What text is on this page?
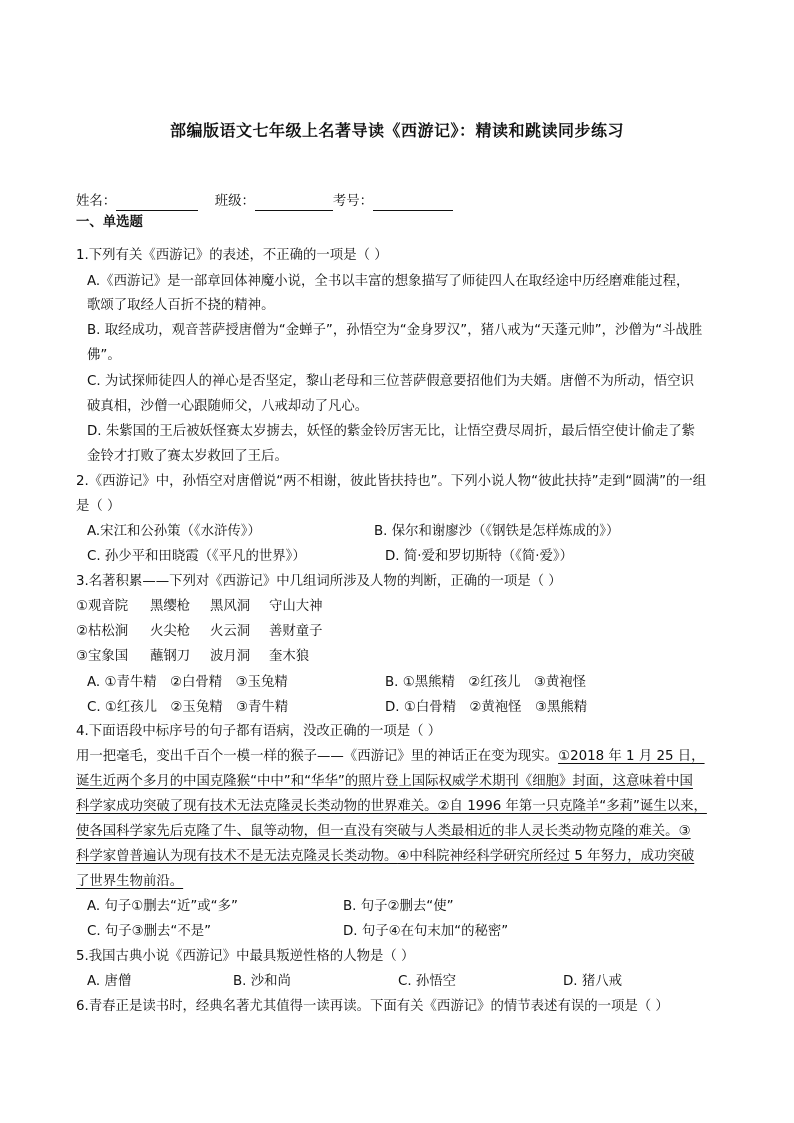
部编版语文七年级上名著导读《西游记》：精读和跳读同步练习
姓名：	班级：	考号：
一、单选题
1.下列有关《西游记》的表述，不正确的一项是（ ）
A.《西游记》是一部章回体神魔小说，全书以丰富的想象描写了师徒四人在取经途中历经磨难能过程，
歌颂了取经人百折不挠的精神。
B. 取经成功，观音菩萨授唐僧为“金蝉子”，孙悟空为“金身罗汉”，猪八戒为“天蓬元帅”，沙僧为“斗战胜
佛”。
C. 为试探师徒四人的禅心是否坚定，黎山老母和三位菩萨假意要招他们为夫婿。唐僧不为所动，悟空识
破真相，沙僧一心跟随师父，八戒却动了凡心。
D. 朱紫国的王后被妖怪赛太岁掳去，妖怪的紫金铃厉害无比，让悟空费尽周折，最后悟空使计偷走了紫
金铃才打败了赛太岁救回了王后。
2.《西游记》中，孙悟空对唐僧说“两不相谢，彼此皆扶持也”。下列小说人物“彼此扶持”走到“圆满”的一组
是（ ）
A.宋江和公孙策（《水浒传》）	B. 保尔和谢廖沙（《钢铁是怎样炼成的》）
C. 孙少平和田晓霞（《平凡的世界》）	D. 简·爱和罗切斯特（《简·爱》）
3.名著积累——下列对《西游记》中几组词所涉及人物的判断，正确的一项是（ ）
①观音院 黑缨枪 黑风洞 守山大神
②枯松涧 火尖枪 火云洞 善财童子
③宝象国 蘸钢刀 波月洞 奎木狼
A. ①青牛精　②白骨精　③玉兔精	B. ①黑熊精　②红孩儿　③黄袍怪
C. ①红孩儿　②玉兔精　③青牛精	D. ①白骨精　②黄袍怪　③黑熊精
4.下面语段中标序号的句子都有语病，没改正确的一项是（ ）
用一把毫毛，变出千百个一模一样的猴子——《西游记》里的神话正在变为现实。①2018 年 1 月 25 日，
诞生近两个多月的中国克隆猴“中中”和“华华”的照片登上国际权威学术期刊《细胞》封面，这意味着中国
科学家成功突破了现有技术无法克隆灵长类动物的世界难关。②自 1996 年第一只克隆羊“多莉”诞生以来，
使各国科学家先后克隆了牛、鼠等动物，但一直没有突破与人类最相近的非人灵长类动物克隆的难关。③
科学家曾普遍认为现有技术不是无法克隆灵长类动物。④中科院神经科学研究所经过 5 年努力，成功突破
了世界生物前沿。
A. 句子①删去“近”或“多”	B. 句子②删去“使”
C. 句子③删去“不是”	D. 句子④在句末加“的秘密”
5.我国古典小说《西游记》中最具叛逆性格的人物是（ ）
A. 唐僧	B. 沙和尚	C. 孙悟空	D. 猪八戒
6.青春正是读书时，经典名著尤其值得一读再读。下面有关《西游记》的情节表述有误的一项是（ ）
